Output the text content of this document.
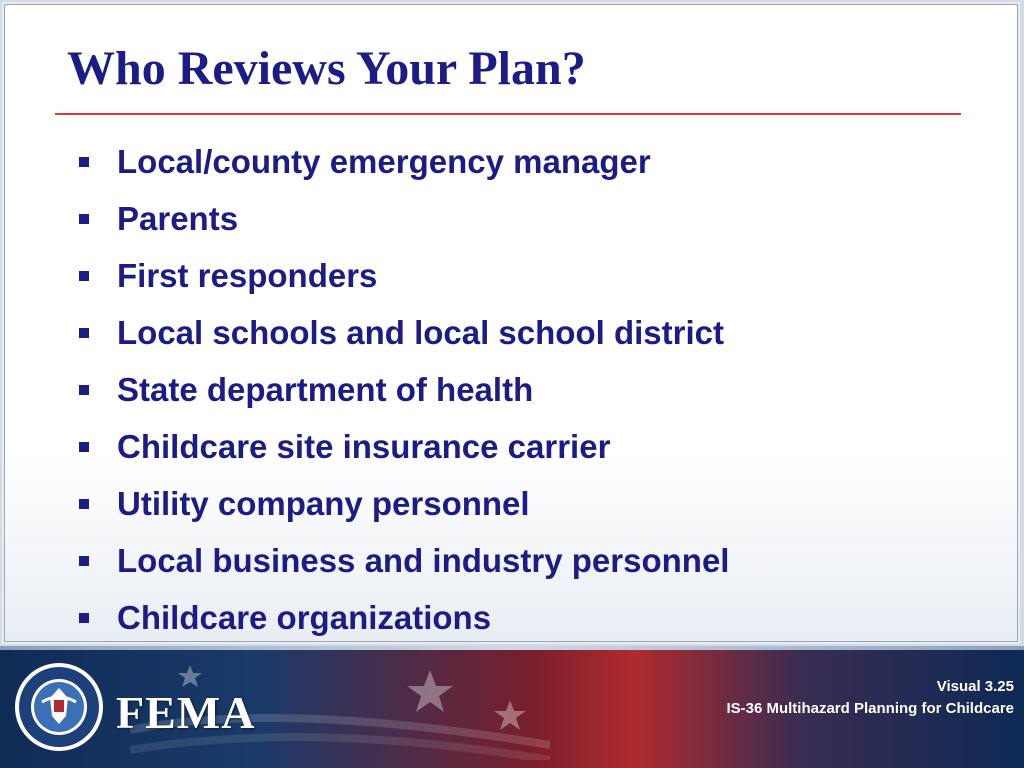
Who Reviews Your Plan?
Local/county emergency manager
Parents
First responders
Local schools and local school district
State department of health
Childcare site insurance carrier
Utility company personnel
Local business and industry personnel
Childcare organizations
FEMA
Visual 3.25
IS-36 Multihazard Planning for Childcare
